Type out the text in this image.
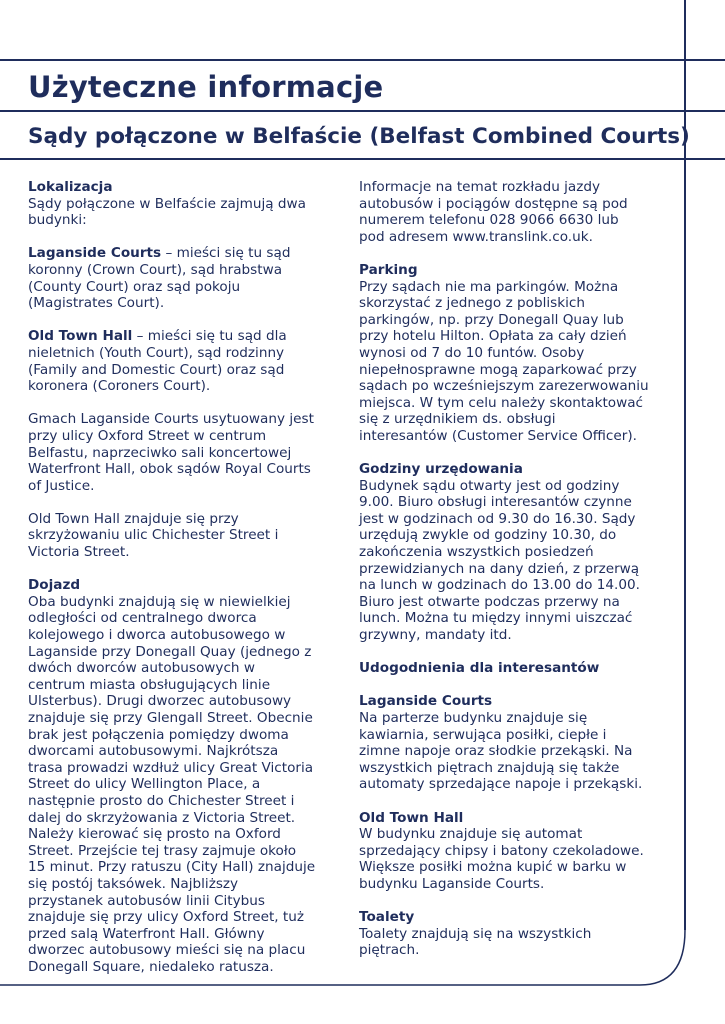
Użyteczne informacje
Sądy połączone w Belfaście (Belfast Combined Courts)

Lokalizacja

Sądy połączone w Belfaście zajmują dwa
budynki:

Laganside Courts – mieści się tu sąd
koronny (Crown Court), sąd hrabstwa
(County Court) oraz sąd pokoju
(Magistrates Court).

Old Town Hall – mieści się tu sąd dla
nieletnich (Youth Court), sąd rodzinny
(Family and Domestic Court) oraz sąd
koronera (Coroners Court).

Gmach Laganside Courts usytuowany jest
przy ulicy Oxford Street w centrum
Belfastu, naprzeciwko sali koncertowej
Waterfront Hall, obok sądów Royal Courts
of Justice.

Old Town Hall znajduje się przy
skrzyżowaniu ulic Chichester Street i
Victoria Street.

Dojazd

Oba budynki znajdują się w niewielkiej
odległości od centralnego dworca
kolejowego i dworca autobusowego w
Laganside przy Donegall Quay (jednego z
dwóch dworców autobusowych w
centrum miasta obsługujących linie
Ulsterbus). Drugi dworzec autobusowy
znajduje się przy Glengall Street. Obecnie
brak jest połączenia pomiędzy dwoma
dworcami autobusowymi. Najkrótsza
trasa prowadzi wzdłuż ulicy Great Victoria
Street do ulicy Wellington Place, a
następnie prosto do Chichester Street i
dalej do skrzyżowania z Victoria Street.
Należy kierować się prosto na Oxford
Street. Przejście tej trasy zajmuje około
15 minut. Przy ratuszu (City Hall) znajduje
się postój taksówek. Najbliższy
przystanek autobusów linii Citybus
znajduje się przy ulicy Oxford Street, tuż
przed salą Waterfront Hall. Główny
dworzec autobusowy mieści się na placu
Donegall Square, niedaleko ratusza.

Informacje na temat rozkładu jazdy
autobusów i pociągów dostępne są pod
numerem telefonu 028 9066 6630 lub
pod adresem www.translink.co.uk.

Parking

Przy sądach nie ma parkingów. Można
skorzystać z jednego z pobliskich
parkingów, np. przy Donegall Quay lub
przy hotelu Hilton. Opłata za cały dzień
wynosi od 7 do 10 funtów. Osoby
niepełnosprawne mogą zaparkować przy
sądach po wcześniejszym zarezerwowaniu
miejsca. W tym celu należy skontaktować
się z urzędnikiem ds. obsługi
interesantów (Customer Service Officer).

Godziny urzędowania

Budynek sądu otwarty jest od godziny
9.00. Biuro obsługi interesantów czynne
jest w godzinach od 9.30 do 16.30. Sądy
urzędują zwykle od godziny 10.30, do
zakończenia wszystkich posiedzeń
przewidzianych na dany dzień, z przerwą
na lunch w godzinach do 13.00 do 14.00.
Biuro jest otwarte podczas przerwy na
lunch. Można tu między innymi uiszczać
grzywny, mandaty itd.

Udogodnienia dla interesantów

Laganside Courts

Na parterze budynku znajduje się
kawiarnia, serwująca posiłki, ciepłe i
zimne napoje oraz słodkie przekąski. Na
wszystkich piętrach znajdują się także
automaty sprzedające napoje i przekąski.

Old Town Hall

W budynku znajduje się automat
sprzedający chipsy i batony czekoladowe.
Większe posiłki można kupić w barku w
budynku Laganside Courts.

Toalety

Toalety znajdują się na wszystkich
piętrach.
